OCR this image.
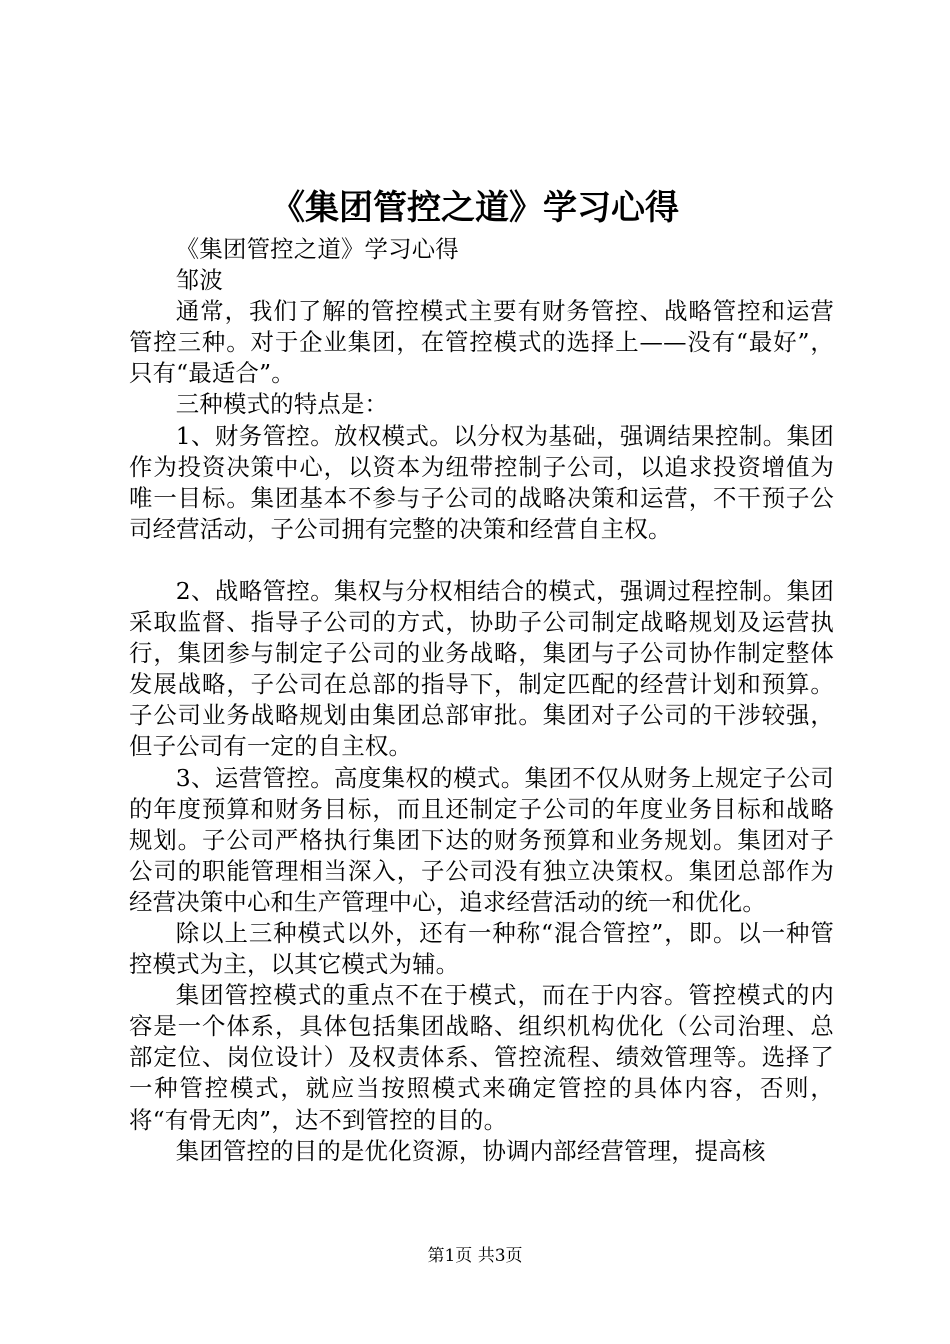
《集团管控之道》学习心得

《集团管控之道》学习心得

邹波

通常，我们了解的管控模式主要有财务管控、战略管控和运营管控三种。对于企业集团，在管控模式的选择上——没有“最好”，只有“最适合”。

三种模式的特点是：

1、财务管控。放权模式。以分权为基础，强调结果控制。集团作为投资决策中心，以资本为纽带控制子公司，以追求投资增值为唯一目标。集团基本不参与子公司的战略决策和运营，不干预子公司经营活动，子公司拥有完整的决策和经营自主权。

2、战略管控。集权与分权相结合的模式，强调过程控制。集团采取监督、指导子公司的方式，协助子公司制定战略规划及运营执行，集团参与制定子公司的业务战略，集团与子公司协作制定整体发展战略，子公司在总部的指导下，制定匹配的经营计划和预算。子公司业务战略规划由集团总部审批。集团对子公司的干涉较强，但子公司有一定的自主权。

3、运营管控。高度集权的模式。集团不仅从财务上规定子公司的年度预算和财务目标，而且还制定子公司的年度业务目标和战略规划。子公司严格执行集团下达的财务预算和业务规划。集团对子公司的职能管理相当深入，子公司没有独立决策权。集团总部作为经营决策中心和生产管理中心，追求经营活动的统一和优化。

除以上三种模式以外，还有一种称“混合管控”，即。以一种管控模式为主，以其它模式为辅。

集团管控模式的重点不在于模式，而在于内容。管控模式的内容是一个体系，具体包括集团战略、组织机构优化（公司治理、总部定位、岗位设计）及权责体系、管控流程、绩效管理等。选择了一种管控模式，就应当按照模式来确定管控的具体内容，否则，将“有骨无肉”，达不到管控的目的。

集团管控的目的是优化资源，协调内部经营管理，提高核

第1页 共3页
